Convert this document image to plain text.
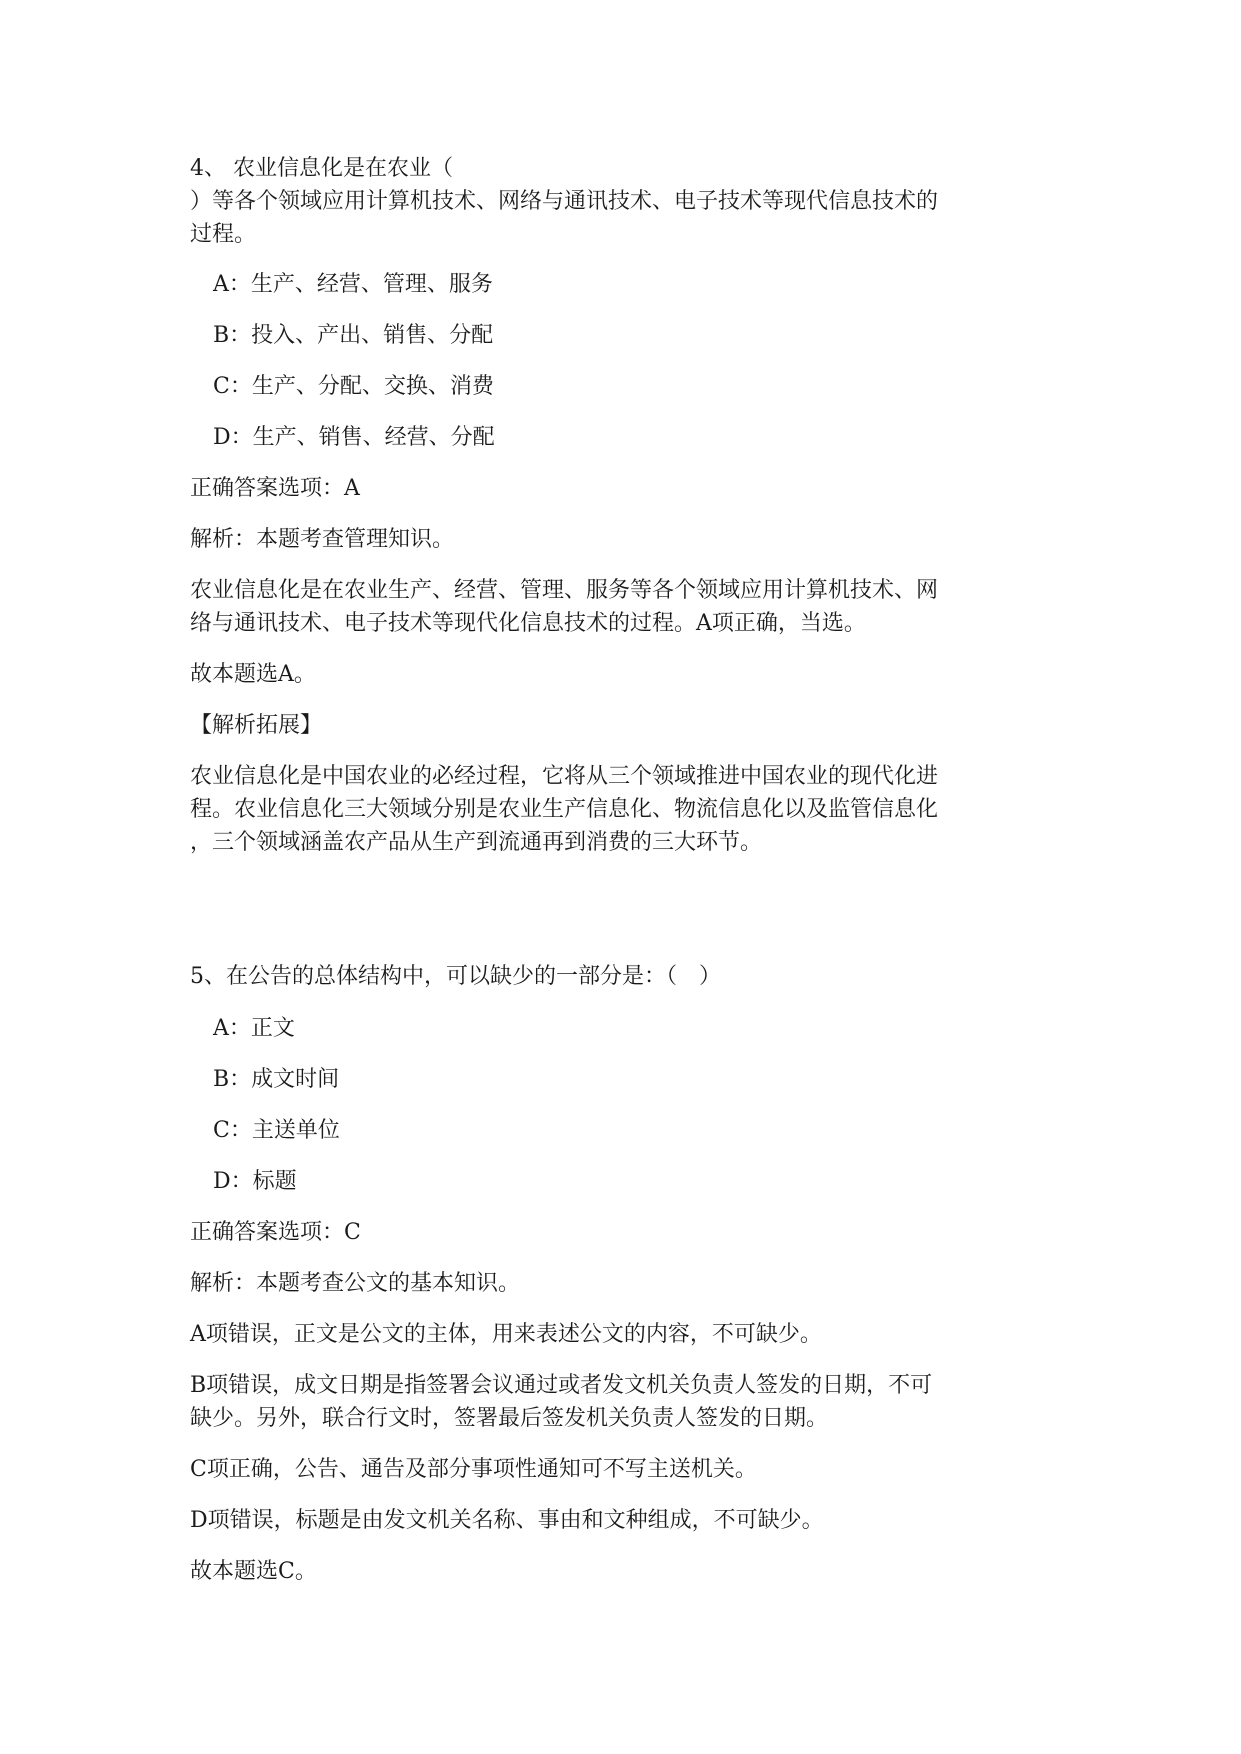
4、 农业信息化是在农业（
）等各个领域应用计算机技术、网络与通讯技术、电子技术等现代信息技术的
过程。
A：生产、经营、管理、服务
B：投入、产出、销售、分配
C：生产、分配、交换、消费
D：生产、销售、经营、分配
正确答案选项：A
解析：本题考查管理知识。
农业信息化是在农业生产、经营、管理、服务等各个领域应用计算机技术、网
络与通讯技术、电子技术等现代化信息技术的过程。A项正确，当选。
故本题选A。
【解析拓展】
农业信息化是中国农业的必经过程，它将从三个领域推进中国农业的现代化进
程。农业信息化三大领域分别是农业生产信息化、物流信息化以及监管信息化
，三个领域涵盖农产品从生产到流通再到消费的三大环节。
5、在公告的总体结构中，可以缺少的一部分是：（　）
A：正文
B：成文时间
C：主送单位
D：标题
正确答案选项：C
解析：本题考查公文的基本知识。
A项错误，正文是公文的主体，用来表述公文的内容，不可缺少。
B项错误，成文日期是指签署会议通过或者发文机关负责人签发的日期，不可
缺少。另外，联合行文时，签署最后签发机关负责人签发的日期。
C项正确，公告、通告及部分事项性通知可不写主送机关。
D项错误，标题是由发文机关名称、事由和文种组成，不可缺少。
故本题选C。
